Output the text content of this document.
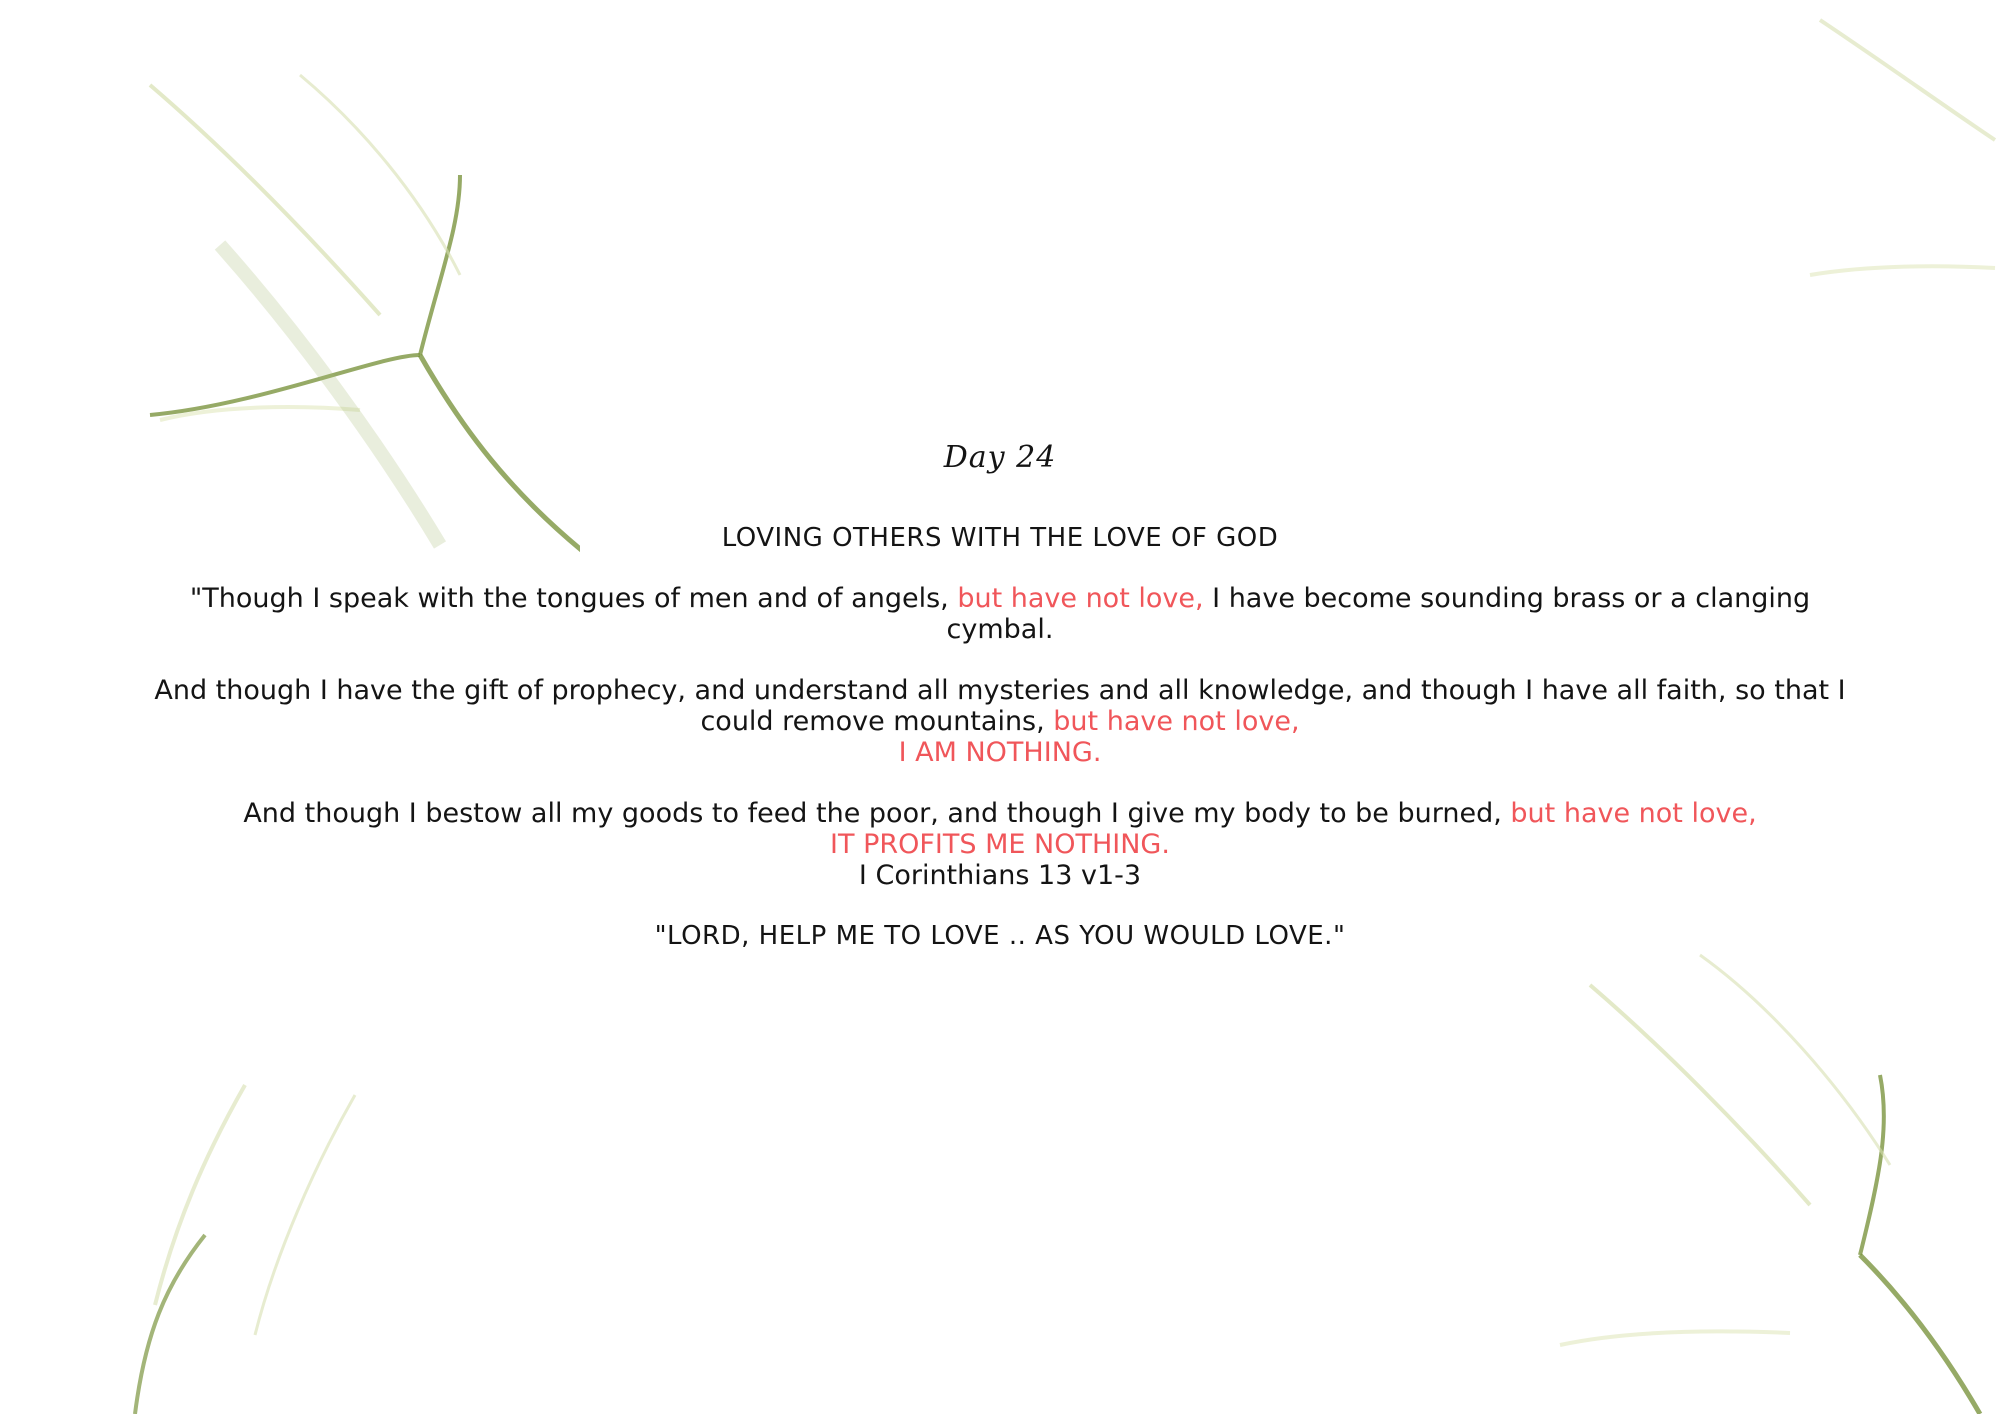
Day 24
LOVING OTHERS WITH THE LOVE OF GOD
"Though I speak with the tongues of men and of angels, but have not love, I have become sounding brass or a clanging cymbal.
And though I have the gift of prophecy, and understand all mysteries and all knowledge, and though I have all faith, so that I could remove mountains, but have not love,
I AM NOTHING.
And though I bestow all my goods to feed the poor, and though I give my body to be burned, but have not love,
IT PROFITS ME NOTHING.
I Corinthians 13 v1-3
"LORD, HELP ME TO LOVE .. AS YOU WOULD LOVE."
